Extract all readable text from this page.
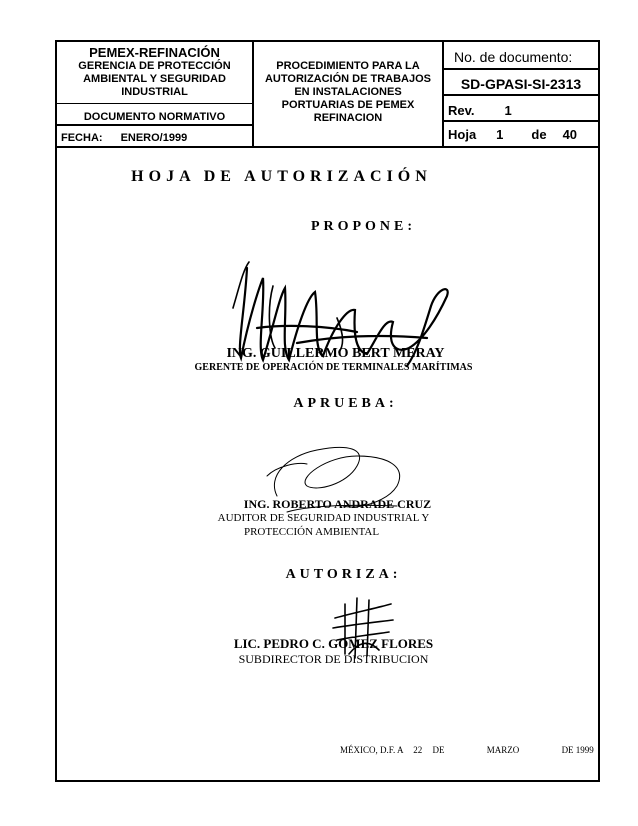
PEMEX-REFINACIÓN
GERENCIA DE PROTECCIÓN
AMBIENTAL Y SEGURIDAD
INDUSTRIAL
DOCUMENTO NORMATIVO
FECHA: ENERO/1999
PROCEDIMIENTO PARA LA
AUTORIZACIÓN DE TRABAJOS
EN INSTALACIONES
PORTUARIAS DE PEMEX
REFINACION
No. de documento:
SD-GPASI-SI-2313
Rev. 1
Hoja 1 de 40
HOJA DE AUTORIZACIÓN
PROPONE:
ING. GUILLERMO BERT MERAY
GERENTE DE OPERACIÓN DE TERMINALES MARÍTIMAS
APRUEBA:
ING. ROBERTO ANDRADE CRUZ
AUDITOR DE SEGURIDAD INDUSTRIAL Y
PROTECCIÓN AMBIENTAL
AUTORIZA:
LIC. PEDRO C. GOMEZ FLORES
SUBDIRECTOR DE DISTRIBUCION
MÉXICO, D.F. A 22 DE	MARZO	DE 1999
